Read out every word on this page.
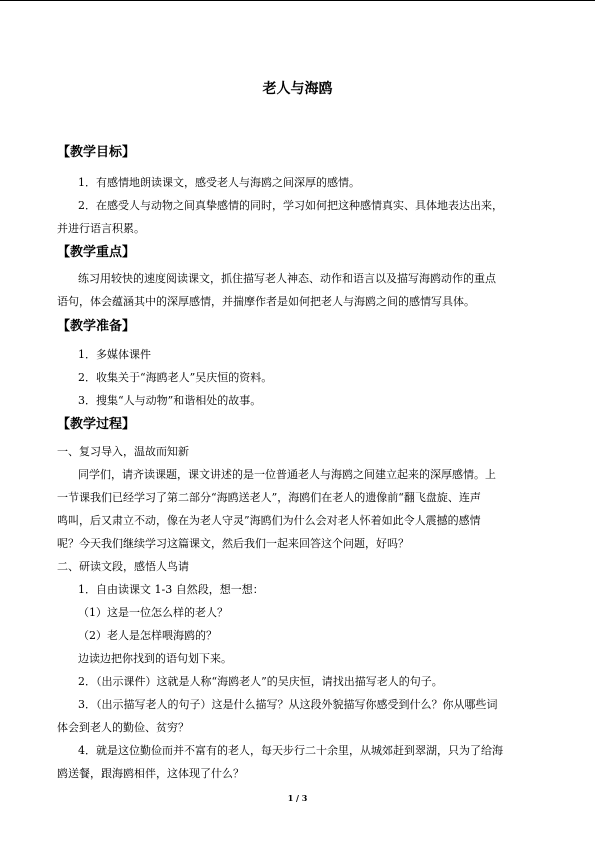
老人与海鸥
【教学目标】
1．有感情地朗读课文，感受老人与海鸥之间深厚的感情。
2．在感受人与动物之间真挚感情的同时，学习如何把这种感情真实、具体地表达出来，
并进行语言积累。
【教学重点】
练习用较快的速度阅读课文，抓住描写老人神态、动作和语言以及描写海鸥动作的重点
语句，体会蕴涵其中的深厚感情，并揣摩作者是如何把老人与海鸥之间的感情写具体。
【教学准备】
1．多媒体课件
2．收集关于“海鸥老人”吴庆恒的资料。
3．搜集“人与动物”和谐相处的故事。
【教学过程】
一、复习导入，温故而知新
同学们，请齐读课题，课文讲述的是一位普通老人与海鸥之间建立起来的深厚感情。上
一节课我们已经学习了第二部分“海鸥送老人”，海鸥们在老人的遗像前“翻飞盘旋、连声
鸣叫，后又肃立不动，像在为老人守灵”海鸥们为什么会对老人怀着如此令人震撼的感情
呢？今天我们继续学习这篇课文，然后我们一起来回答这个问题，好吗？
二、研读文段，感悟人鸟请
1．自由读课文 1-3 自然段，想一想：
（1）这是一位怎么样的老人？
（2）老人是怎样喂海鸥的？
边读边把你找到的语句划下来。
2．（出示课件）这就是人称“海鸥老人”的吴庆恒，请找出描写老人的句子。
3．（出示描写老人的句子）这是什么描写？从这段外貌描写你感受到什么？你从哪些词
体会到老人的勤俭、贫穷？
4．就是这位勤俭而并不富有的老人，每天步行二十余里，从城郊赶到翠湖，只为了给海
鸥送餐，跟海鸥相伴，这体现了什么？
1 / 3
